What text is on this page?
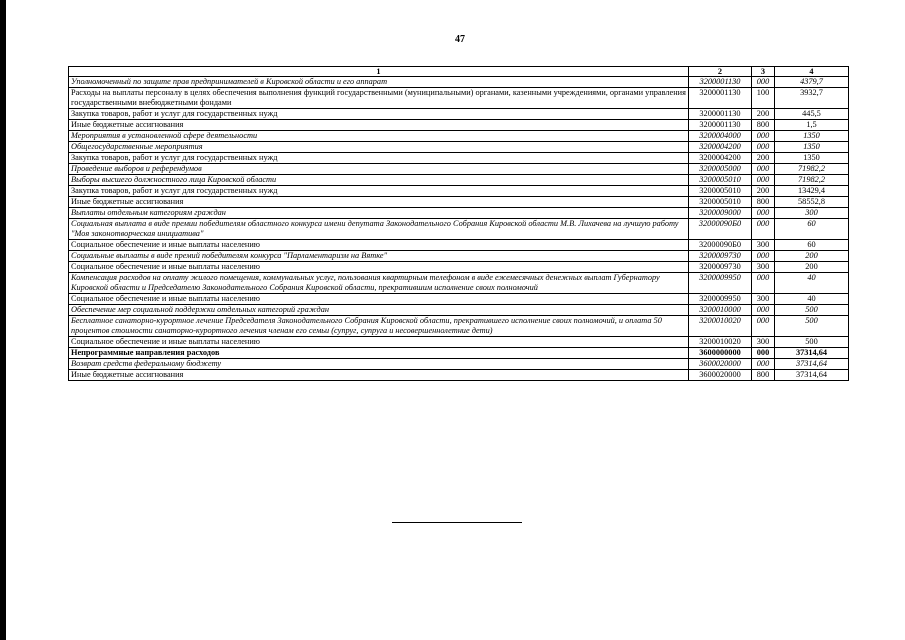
47
1	2	3	4
Уполномоченный по защите прав предпринимателей в Кировской области и его аппарат	3200001130	000	4379,7
Расходы на выплаты персоналу в целях обеспечения выполнения функций государственными (муниципальными) органами, казенными учреждениями, органами управления государственными внебюджетными фондами	3200001130	100	3932,7
Закупка товаров, работ и услуг для государственных нужд	3200001130	200	445,5
Иные бюджетные ассигнования	3200001130	800	1,5
Мероприятия в установленной сфере деятельности	3200004000	000	1350
Общегосударственные мероприятия	3200004200	000	1350
Закупка товаров, работ и услуг для государственных нужд	3200004200	200	1350
Проведение выборов и референдумов	3200005000	000	71982,2
Выборы высшего должностного лица Кировской области	3200005010	000	71982,2
Закупка товаров, работ и услуг для государственных нужд	3200005010	200	13429,4
Иные бюджетные ассигнования	3200005010	800	58552,8
Выплаты отдельным категориям граждан	3200009000	000	300
Социальная выплата в виде премии победителям областного конкурса имени депутата Законодательного Собрания Кировской области М.В. Лихачева на лучшую работу "Моя законотворческая инициатива"	32000090Б0	000	60
Социальное обеспечение и иные выплаты населению	32000090Б0	300	60
Социальные выплаты в виде премий победителям конкурса "Парламентаризм на Вятке"	3200009730	000	200
Социальное обеспечение и иные выплаты населению	3200009730	300	200
Компенсация расходов на оплату жилого помещения, коммунальных услуг, пользования квартирным телефоном в виде ежемесячных денежных выплат Губернатору Кировской области и Председателю Законодательного Собрания Кировской области, прекратившим исполнение своих полномочий	3200009950	000	40
Социальное обеспечение и иные выплаты населению	3200009950	300	40
Обеспечение мер социальной поддержки отдельных категорий граждан	3200010000	000	500
Бесплатное санаторно-курортное лечение Председателя Законодательного Собрания Кировской области, прекратившего исполнение своих полномочий, и оплата 50 процентов стоимости санаторно-курортного лечения членам его семьи (супруг, супруга и несовершеннолетние дети)	3200010020	000	500
Социальное обеспечение и иные выплаты населению	3200010020	300	500
Непрограммные направления расходов	3600000000	000	37314,64
Возврат средств федеральному бюджету	3600020000	000	37314,64
Иные бюджетные ассигнования	3600020000	800	37314,64
